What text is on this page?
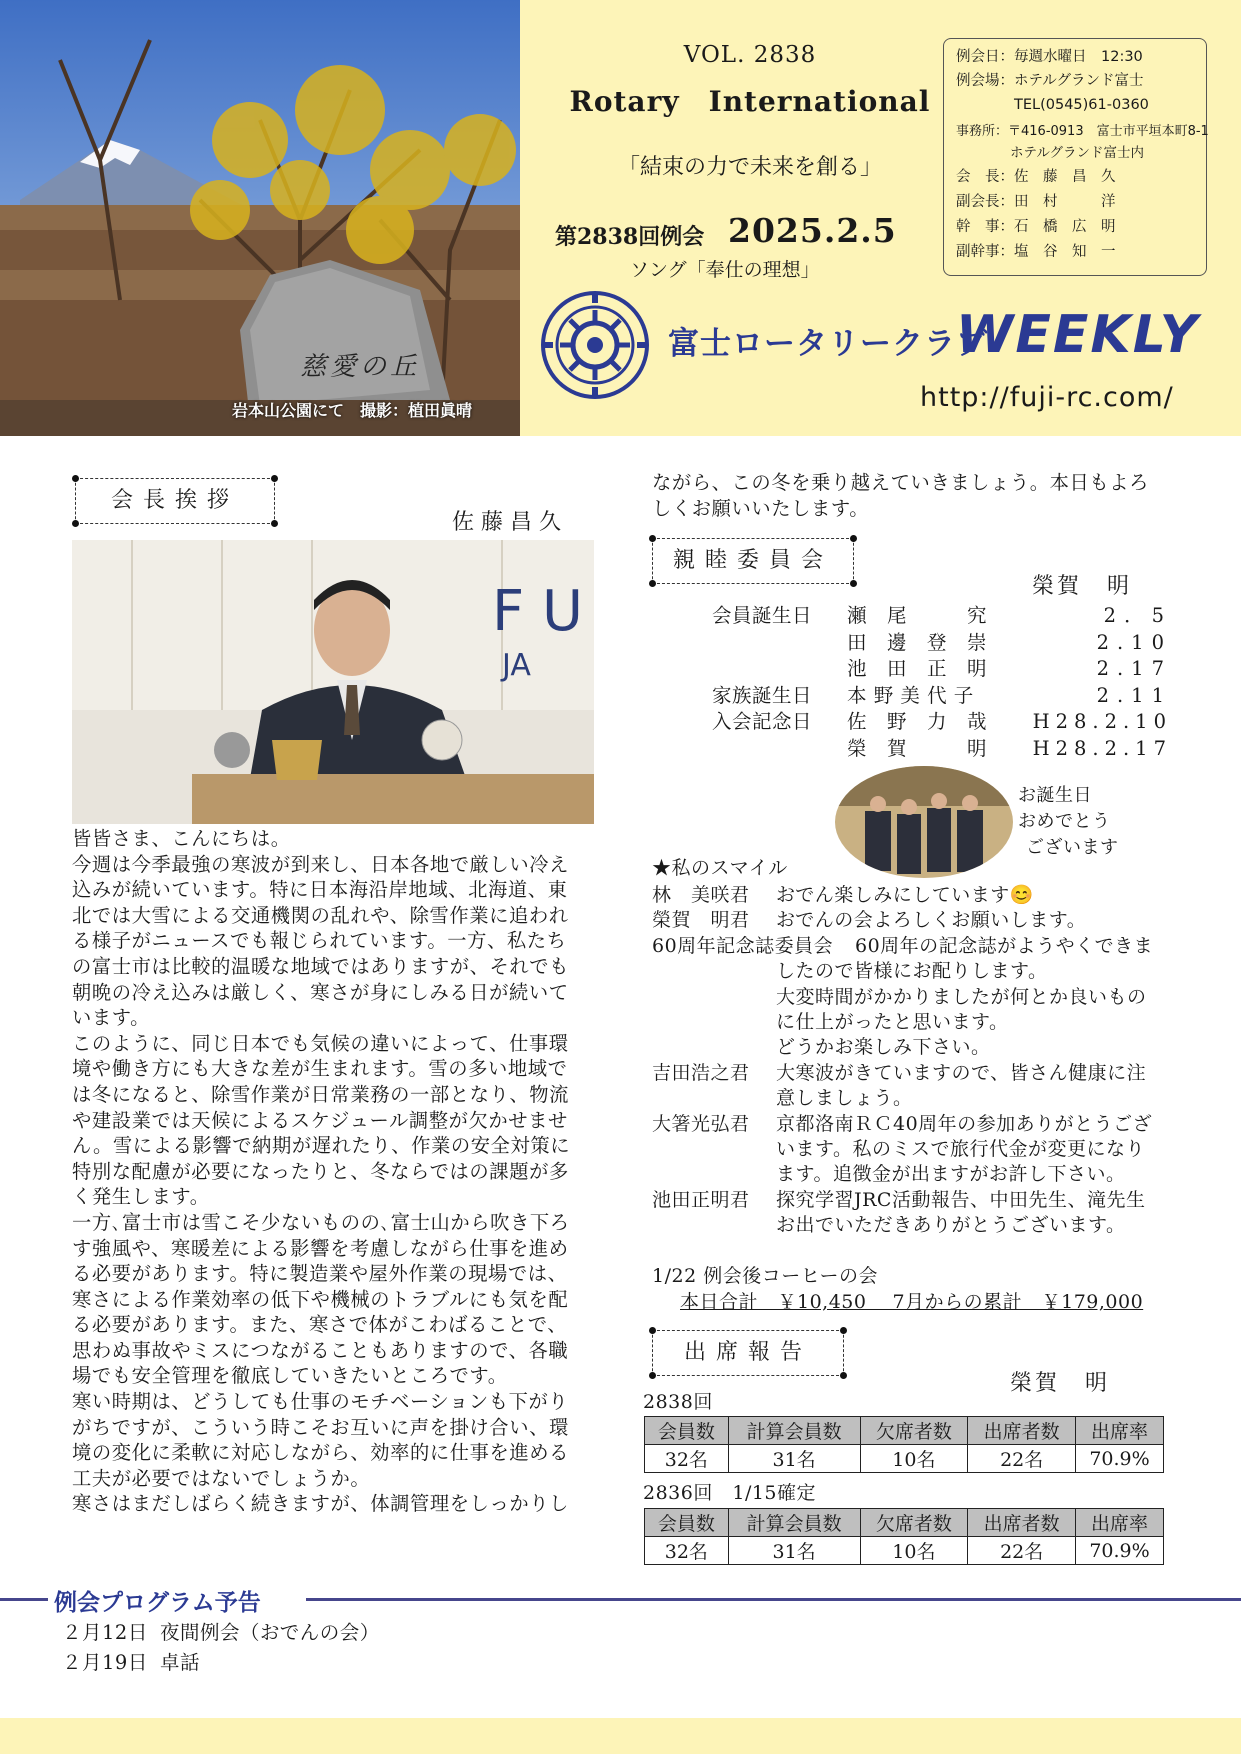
慈愛の丘
岩本山公園にて　撮影：植田眞晴
VOL. 2838
Rotary　International
「結束の力で未来を創る」
第2838回例会 2025.2.5
ソング「奉仕の理想」
例会日：毎週水曜日　12:30
例会場：ホテルグランド富士
　　　　TEL(0545)61-0360
事務所：〒416-0913　富士市平垣本町8-1
　　　　ホテルグランド富士内
会　長：佐　藤　昌　久
副会長：田　村　　　洋
幹　事：石　橋　広　明
副幹事：塩　谷　知　一
富士ロータリークラブ
WEEKLY
http://fuji-rc.com/
会長挨拶
佐藤昌久
F U
JA
皆皆さま、こんにちは。
今週は今季最強の寒波が到来し、日本各地で厳しい冷え
込みが続いています。特に日本海沿岸地域、北海道、東
北では大雪による交通機関の乱れや、除雪作業に追われ
る様子がニュースでも報じられています。一方、私たち
の富士市は比較的温暖な地域ではありますが、それでも
朝晩の冷え込みは厳しく、寒さが身にしみる日が続いて
います。
このように、同じ日本でも気候の違いによって、仕事環
境や働き方にも大きな差が生まれます。雪の多い地域で
は冬になると、除雪作業が日常業務の一部となり、物流
や建設業では天候によるスケジュール調整が欠かせませ
ん。雪による影響で納期が遅れたり、作業の安全対策に
特別な配慮が必要になったりと、冬ならではの課題が多
く発生します。
一方､富士市は雪こそ少ないものの､富士山から吹き下ろ
す強風や、寒暖差による影響を考慮しながら仕事を進め
る必要があります。特に製造業や屋外作業の現場では、
寒さによる作業効率の低下や機械のトラブルにも気を配
る必要があります。また、寒さで体がこわばることで、
思わぬ事故やミスにつながることもありますので、各職
場でも安全管理を徹底していきたいところです。
寒い時期は、どうしても仕事のモチベーションも下がり
がちですが、こういう時こそお互いに声を掛け合い、環
境の変化に柔軟に対応しながら、効率的に仕事を進める
工夫が必要ではないでしょうか。
寒さはまだしばらく続きますが、体調管理をしっかりし
ながら、この冬を乗り越えていきましょう。本日もよろ
しくお願いいたします。
親睦委員会
榮賀　明
会員誕生日 瀬　尾　　　究	2．5
田　邊　登　崇	2.10
池　田　正　明	2.17
家族誕生日 本 野 美 代 子	2.11
入会記念日 佐　野　力　哉 H28.2.10
榮　賀　　　明 H28.2.17
お誕生日
おめでとう
ございます
★私のスマイル
林　美咲君 おでん楽しみにしています😊
榮賀　明君 おでんの会よろしくお願いします。
60周年記念誌委員会 60周年の記念誌がようやくできま
したので皆様にお配りします。
大変時間がかかりましたが何とか良いもの
に仕上がったと思います。
どうかお楽しみ下さい。
吉田浩之君 大寒波がきていますので、皆さん健康に注
意しましょう。
大箸光弘君 京都洛南ＲＣ40周年の参加ありがとうござ
います。私のミスで旅行代金が変更になり
ます。追徴金が出ますがお許し下さい。
池田正明君 探究学習JRC活動報告、中田先生、滝先生
お出でいただきありがとうございます。
1/22 例会後コーヒーの会
本日合計　￥10,450　 7月からの累計　￥179,000
出席報告
榮賀　明
2838回
会員数	計算会員数	欠席者数	出席者数	出席率
32名	31名	10名	22名	70.9%
2836回　1/15確定
会員数	計算会員数	欠席者数	出席者数	出席率
32名	31名	10名	22名	70.9%
例会プログラム予告
２月12日 夜間例会（おでんの会）
２月19日 卓話
